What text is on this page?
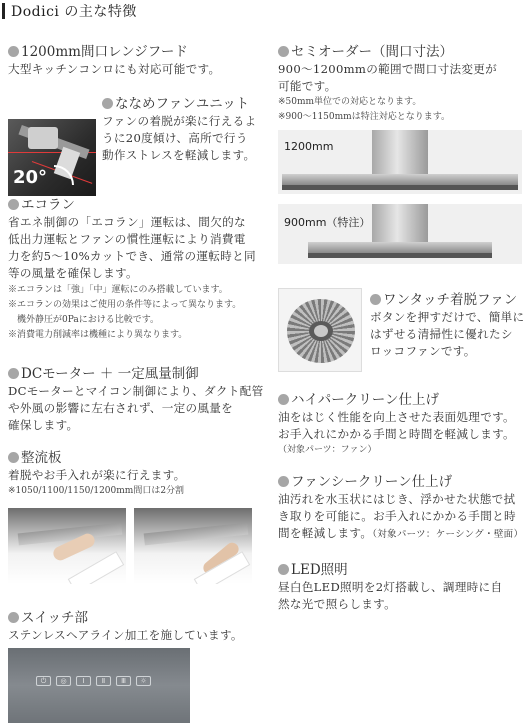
Dodici の主な特徴
1200mm間口レンジフード
大型キッチンコンロにも対応可能です。
20°
ななめファンユニット
ファンの着脱が楽に行えるよ
うに20度傾け、高所で行う
動作ストレスを軽減します。
エコラン
省エネ制御の「エコラン」運転は、間欠的な
低出力運転とファンの慣性運転により消費電
力を約5～10%カットでき、通常の運転時と同
等の風量を確保します。
※エコランは「強」「中」運転にのみ搭載しています。
※エコランの効果はご使用の条件等によって異なります。
　機外静圧が0Paにおける比較です。
※消費電力削減率は機種により異なります。
DCモーター ＋ 一定風量制御
DCモーターとマイコン制御により、ダクト配管
や外風の影響に左右されず、一定の風量を
確保します。
整流板
着脱やお手入れが楽に行えます。
※1050/1100/1150/1200mm間口は2分割
スイッチ部
ステンレスヘアライン加工を施しています。
⏻	◎	Ⅰ	Ⅱ	Ⅲ	☼
セミオーダー（間口寸法）
900～1200mmの範囲で間口寸法変更が
可能です。
※50mm単位での対応となります。
※900～1150mmは特注対応となります。
1200mm
900mm（特注）
ワンタッチ着脱ファン
ボタンを押すだけで、簡単に
はずせる清掃性に優れたシ
ロッコファンです。
ハイパークリーン仕上げ
油をはじく性能を向上させた表面処理です。
お手入れにかかる手間と時間を軽減します。
（対象パーツ：ファン）
ファンシークリーン仕上げ
油汚れを水玉状にはじき、浮かせた状態で拭
き取りを可能に。お手入れにかかる手間と時
間を軽減します。（対象パーツ：ケーシング・壁面）
LED照明
昼白色LED照明を2灯搭載し、調理時に自
然な光で照らします。
